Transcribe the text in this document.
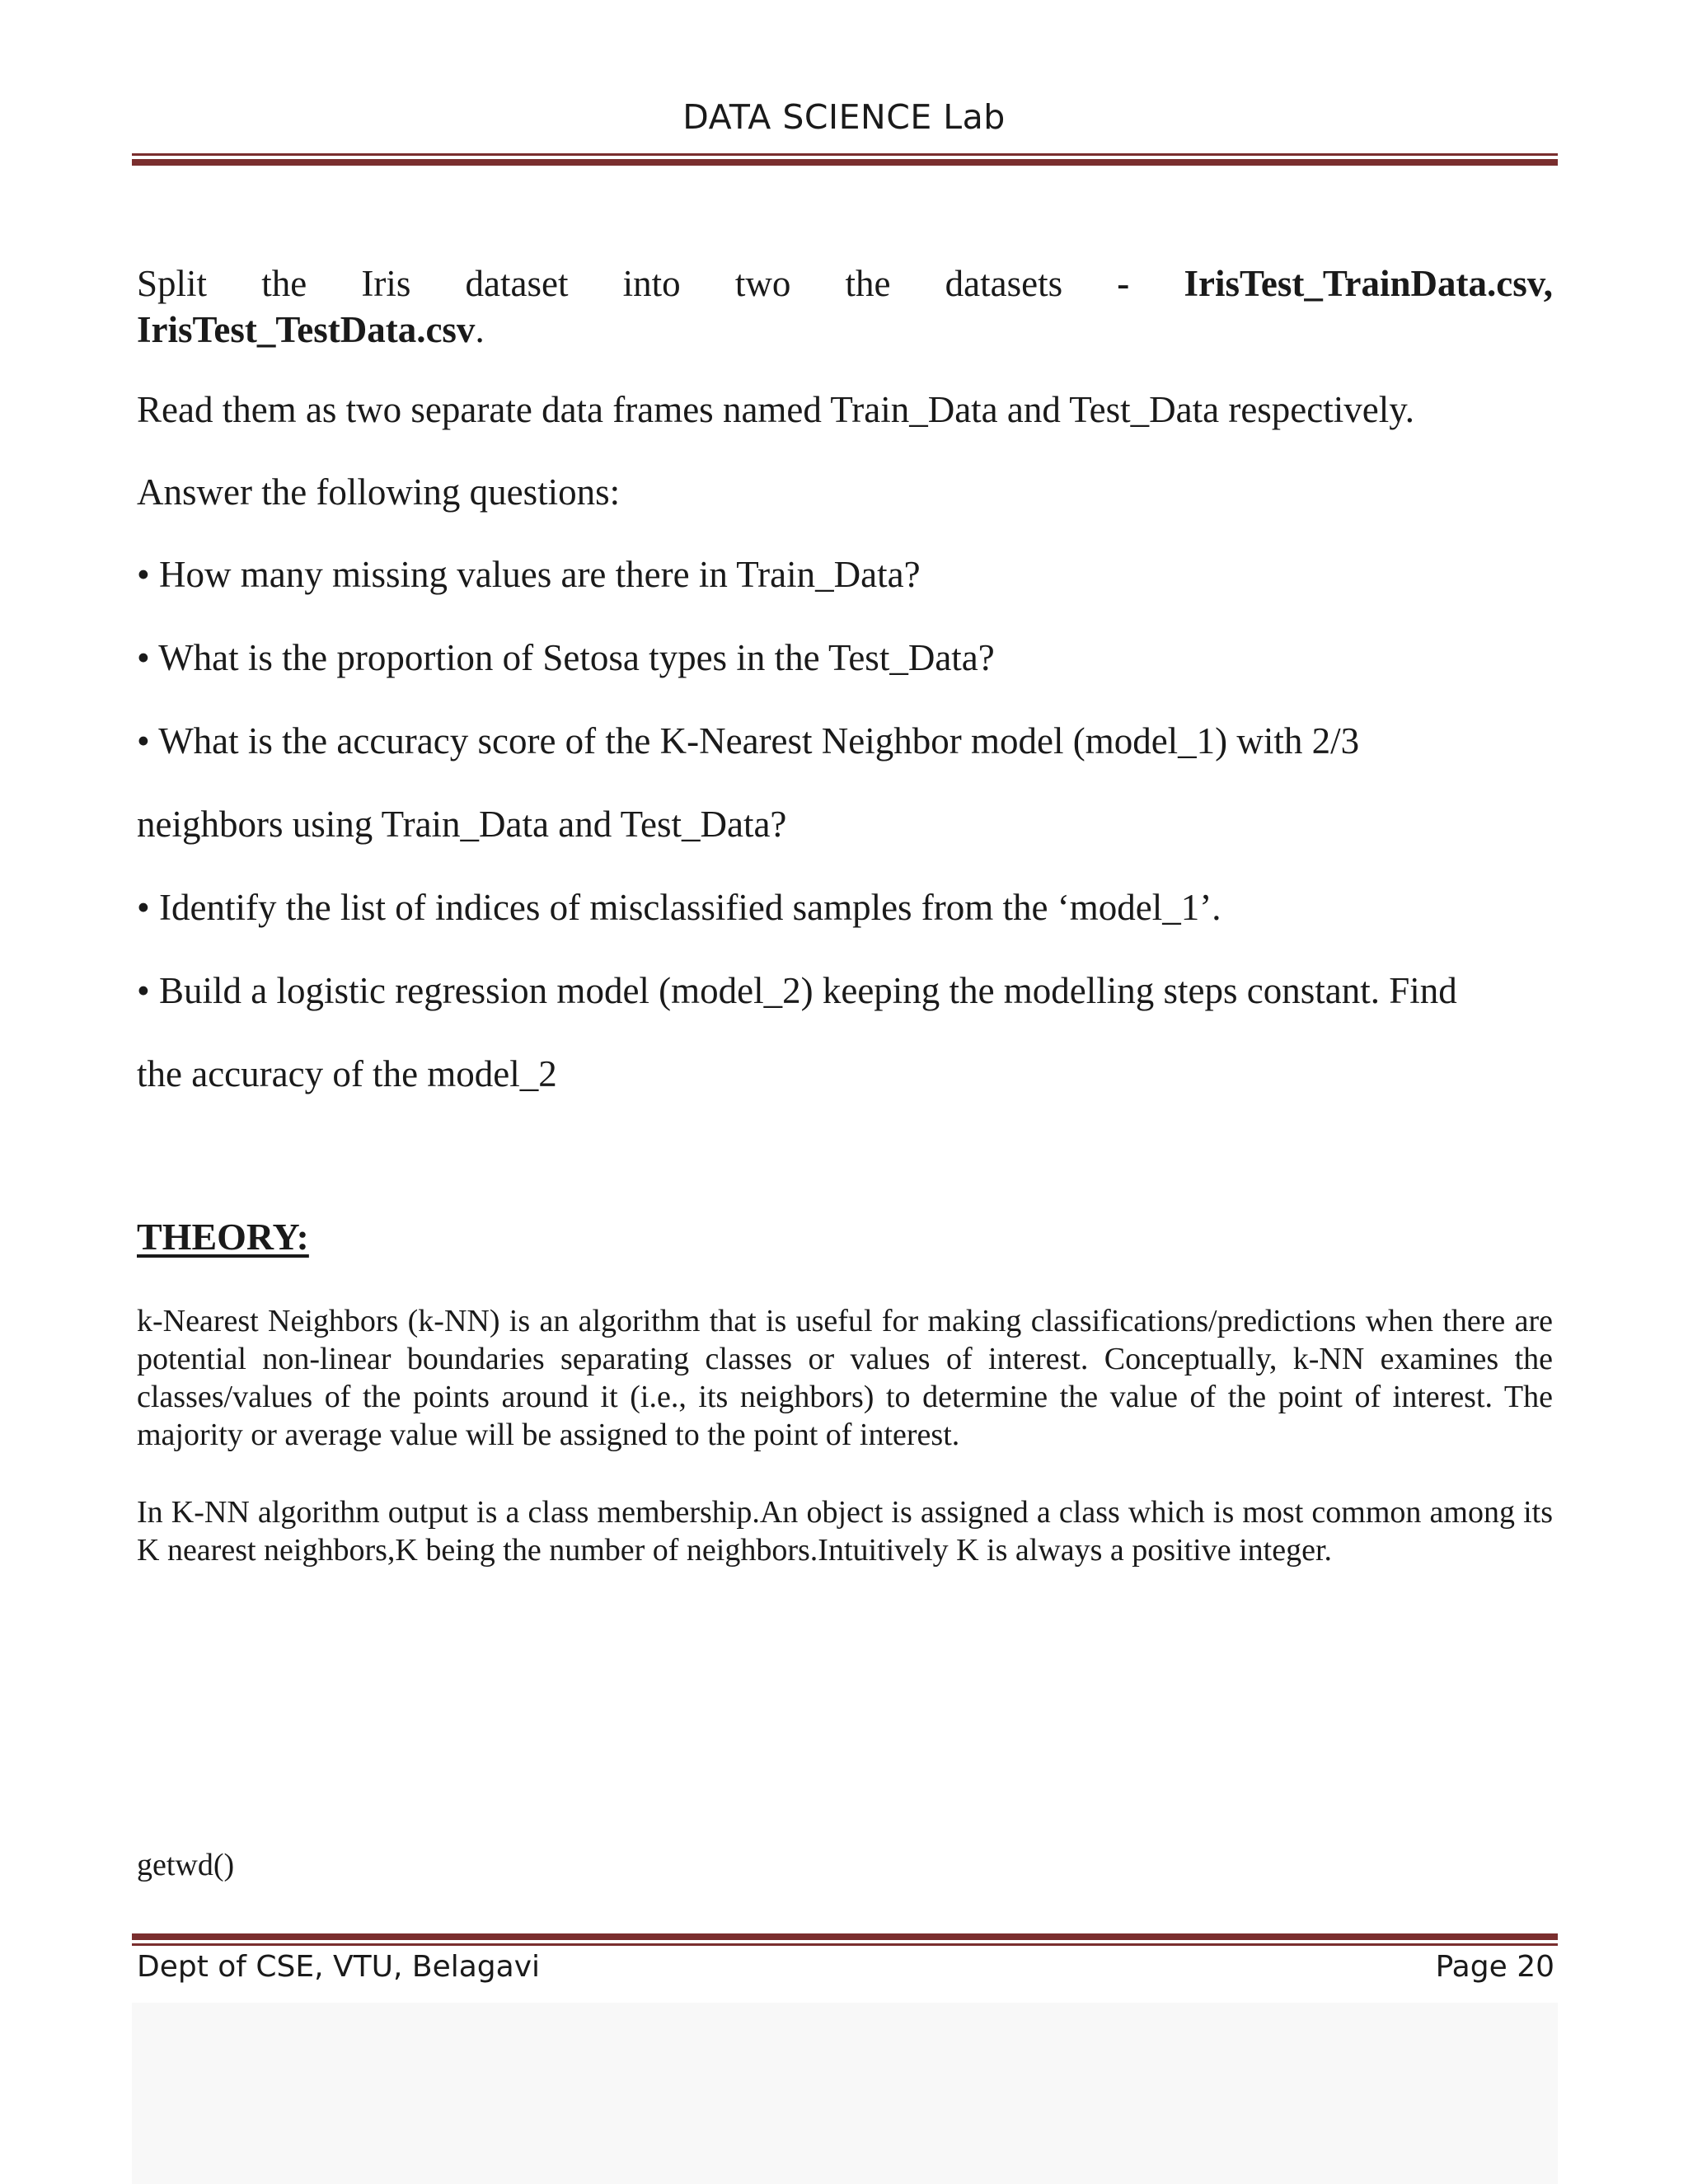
DATA SCIENCE Lab
Split the Iris dataset into two the datasets - IrisTest_TrainData.csv,
IrisTest_TestData.csv.
Read them as two separate data frames named Train_Data and Test_Data respectively.
Answer the following questions:
• How many missing values are there in Train_Data?
• What is the proportion of Setosa types in the Test_Data?
• What is the accuracy score of the K-Nearest Neighbor model (model_1) with 2/3
neighbors using Train_Data and Test_Data?
• Identify the list of indices of misclassified samples from the ‘model_1’.
• Build a logistic regression model (model_2) keeping the modelling steps constant. Find
the accuracy of the model_2
THEORY:
k-Nearest Neighbors (k-NN) is an algorithm that is useful for making classifications/predictions when there are potential non-linear boundaries separating classes or values of interest. Conceptually, k-NN examines the classes/values of the points around it (i.e., its neighbors) to determine the value of the point of interest. The majority or average value will be assigned to the point of interest.
In K-NN algorithm output is a class membership.An object is assigned a class which is most common among its K nearest neighbors,K being the number of neighbors.Intuitively K is always a positive integer.
getwd()
Dept of CSE, VTU, Belagavi	Page 20
